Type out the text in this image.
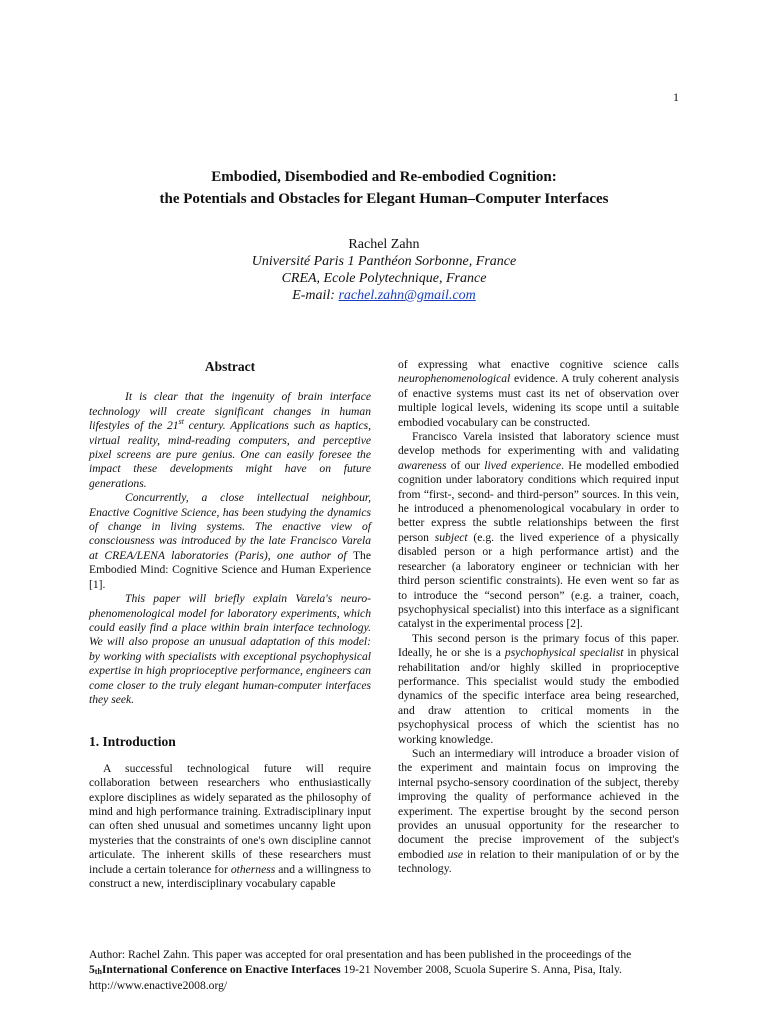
1
Embodied, Disembodied and Re-embodied Cognition:
the Potentials and Obstacles for Elegant Human–Computer Interfaces
Rachel Zahn
Université Paris 1 Panthéon Sorbonne, France
CREA, Ecole Polytechnique, France
E-mail: rachel.zahn@gmail.com
Abstract

It is clear that the ingenuity of brain interface technology will create significant changes in human lifestyles of the 21st century. Applications such as haptics, virtual reality, mind-reading computers, and perceptive pixel screens are pure genius. One can easily foresee the impact these developments might have on future generations.

Concurrently, a close intellectual neighbour, Enactive Cognitive Science, has been studying the dynamics of change in living systems. The enactive view of consciousness was introduced by the late Francisco Varela at CREA/LENA laboratories (Paris), one author of The Embodied Mind: Cognitive Science and Human Experience [1].

This paper will briefly explain Varela's neuro-phenomenological model for laboratory experiments, which could easily find a place within brain interface technology. We will also propose an unusual adaptation of this model: by working with specialists with exceptional psychophysical expertise in high proprioceptive performance, engineers can come closer to the truly elegant human-computer interfaces they seek.

1. Introduction

A successful technological future will require collaboration between researchers who enthusiastically explore disciplines as widely separated as the philosophy of mind and high performance training. Extradisciplinary input can often shed unusual and sometimes uncanny light upon mysteries that the constraints of one's own discipline cannot articulate. The inherent skills of these researchers must include a certain tolerance for otherness and a willingness to construct a new, interdisciplinary vocabulary capable

of expressing what enactive cognitive science calls neurophenomenological evidence. A truly coherent analysis of enactive systems must cast its net of observation over multiple logical levels, widening its scope until a suitable embodied vocabulary can be constructed.

Francisco Varela insisted that laboratory science must develop methods for experimenting with and validating awareness of our lived experience. He modelled embodied cognition under laboratory conditions which required input from “first-, second- and third-person” sources. In this vein, he introduced a phenomenological vocabulary in order to better express the subtle relationships between the first person subject (e.g. the lived experience of a physically disabled person or a high performance artist) and the researcher (a laboratory engineer or technician with her third person scientific constraints). He even went so far as to introduce the “second person” (e.g. a trainer, coach, psychophysical specialist) into this interface as a significant catalyst in the experimental process [2].

This second person is the primary focus of this paper. Ideally, he or she is a psychophysical specialist in physical rehabilitation and/or highly skilled in proprioceptive performance. This specialist would study the embodied dynamics of the specific interface area being researched, and draw attention to critical moments in the psychophysical process of which the scientist has no working knowledge.

Such an intermediary will introduce a broader vision of the experiment and maintain focus on improving the internal psycho-sensory coordination of the subject, thereby improving the quality of performance achieved in the experiment. The expertise brought by the second person provides an unusual opportunity for the researcher to document the precise improvement of the subject's embodied use in relation to their manipulation of or by the technology.

Author: Rachel Zahn. This paper was accepted for oral presentation and has been published in the proceedings of the
5thInternational Conference on Enactive Interfaces 19-21 November 2008, Scuola Superire S. Anna, Pisa, Italy.
http://www.enactive2008.org/
